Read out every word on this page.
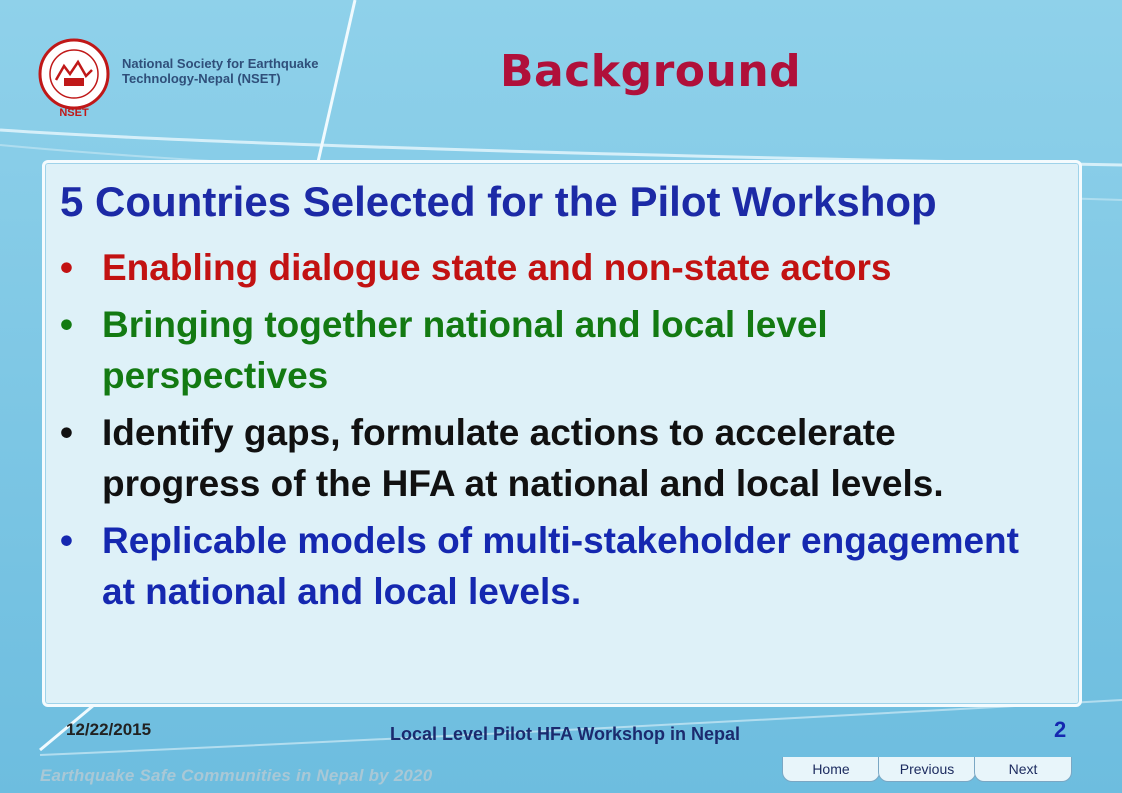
NSET
National Society for Earthquake
Technology-Nepal (NSET)	Background
5 Countries Selected for the Pilot Workshop
• Enabling dialogue state and non-state actors
• Bringing together national and local level perspectives
• Identify gaps, formulate actions to accelerate progress of the HFA at national and local levels.
• Replicable models of multi-stakeholder engagement at national and local levels.
12/22/2015	Local Level Pilot HFA Workshop in Nepal	2
Earthquake Safe Communities in Nepal by 2020	Home	Previous	Next
